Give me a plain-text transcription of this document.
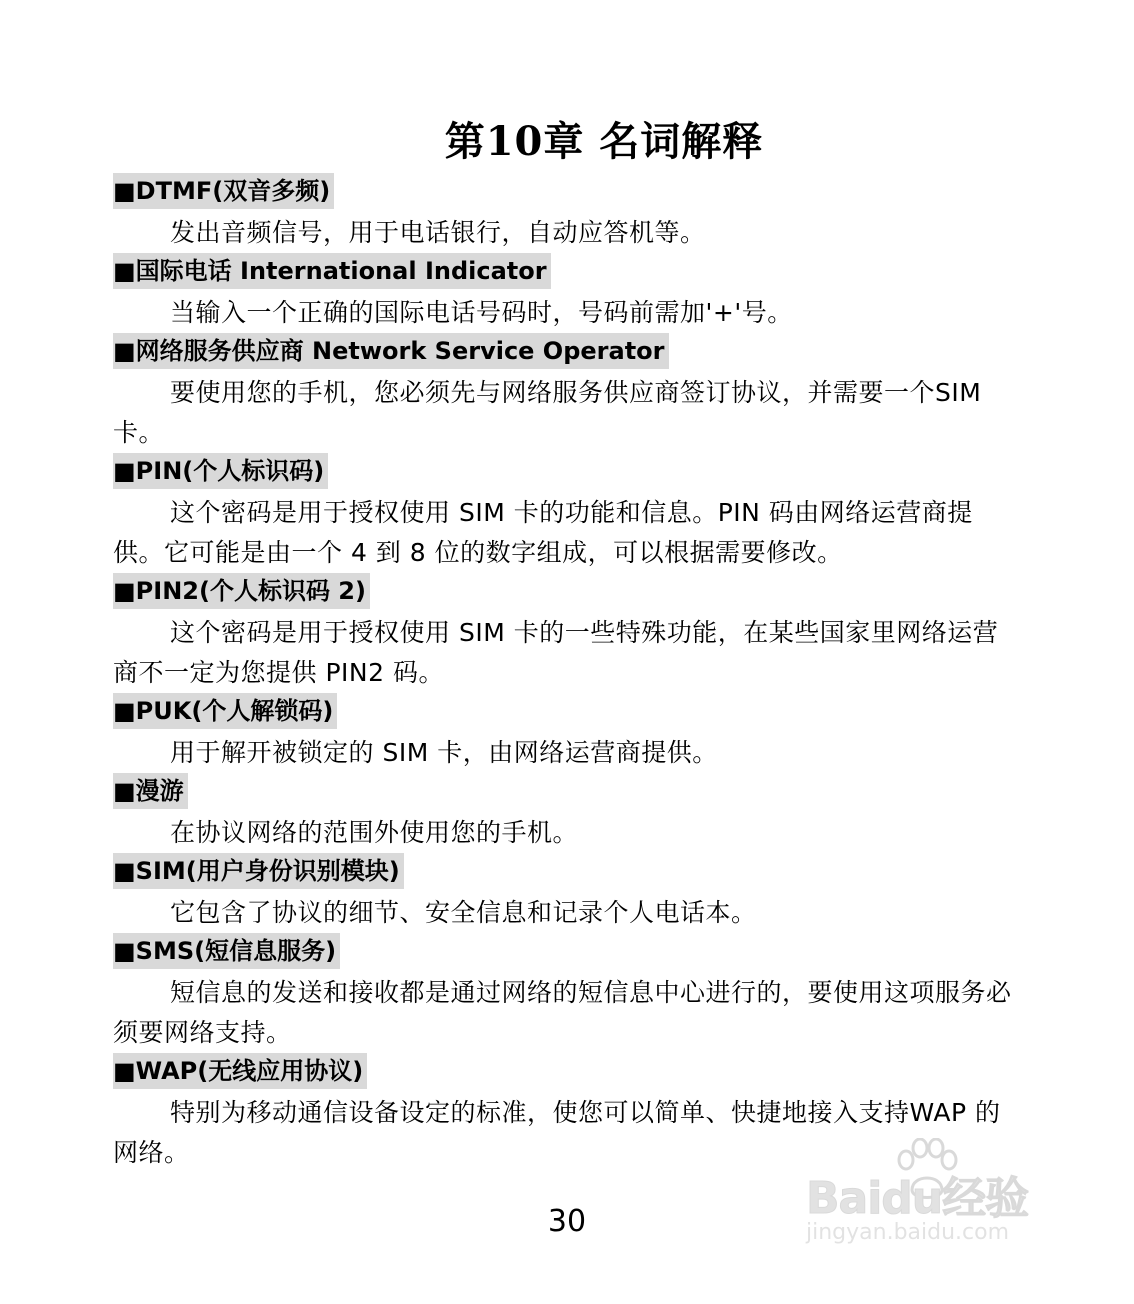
第10章 名词解释
■DTMF(双音多频)

发出音频信号，用于电话银行，自动应答机等。

■国际电话 International Indicator

当输入一个正确的国际电话号码时，号码前需加'+'号。

■网络服务供应商 Network Service Operator

要使用您的手机，您必须先与网络服务供应商签订协议，并需要一个SIM 卡。

■PIN(个人标识码)

这个密码是用于授权使用 SIM 卡的功能和信息。PIN 码由网络运营商提供。它可能是由一个 4 到 8 位的数字组成，可以根据需要修改。

■PIN2(个人标识码 2)

这个密码是用于授权使用 SIM 卡的一些特殊功能，在某些国家里网络运营商不一定为您提供 PIN2 码。

■PUK(个人解锁码)

用于解开被锁定的 SIM 卡，由网络运营商提供。

■漫游

在协议网络的范围外使用您的手机。

■SIM(用户身份识别模块)

它包含了协议的细节、安全信息和记录个人电话本。

■SMS(短信息服务)

短信息的发送和接收都是通过网络的短信息中心进行的，要使用这项服务必须要网络支持。

■WAP(无线应用协议)

特别为移动通信设备设定的标准，使您可以简单、快捷地接入支持WAP 的网络。

30	Baidu经验
jingyan.baidu.com
